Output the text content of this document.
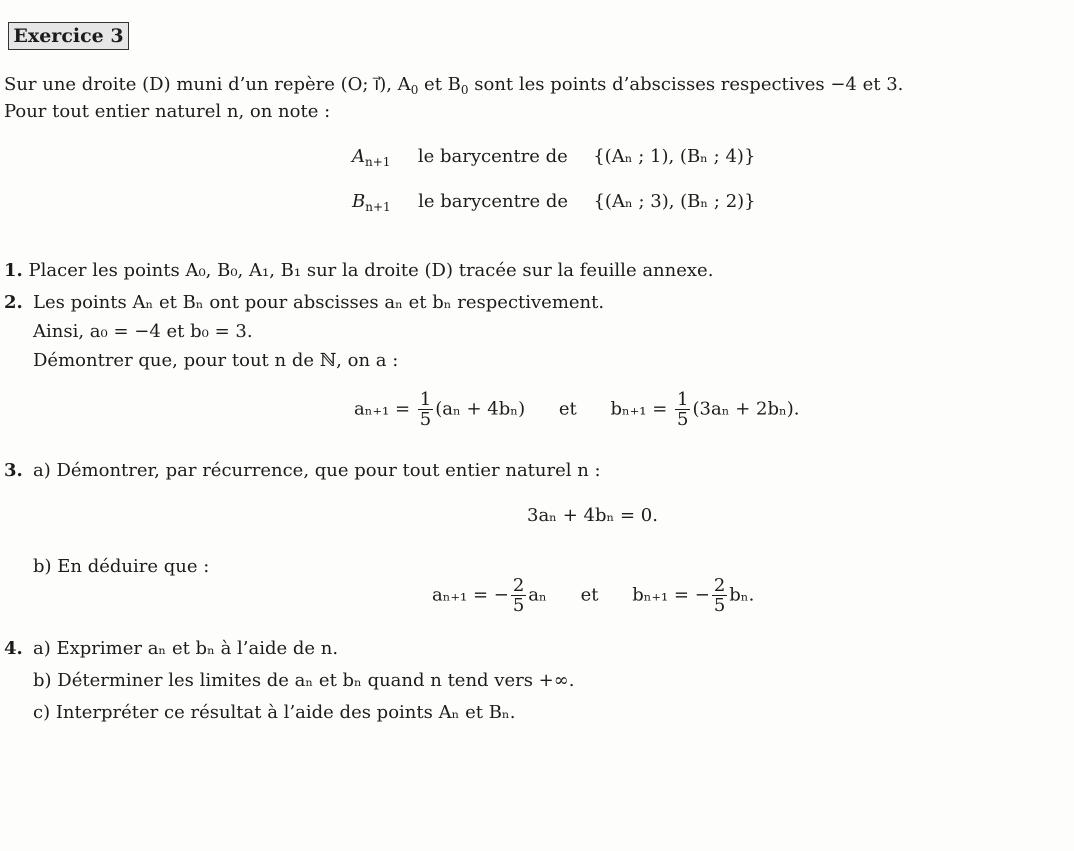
Exercice 3
Sur une droite (D) muni d’un repère (O; i⃗), $A_0$ et $B_0$ sont les points d’abscisses respectives −4 et 3.
Pour tout entier naturel n, on note :
$A_{n+1}$ le barycentre de {(Aₙ ; 1), (Bₙ ; 4)}
$B_{n+1}$ le barycentre de {(Aₙ ; 3), (Bₙ ; 2)}
1. Placer les points A₀, B₀, A₁, B₁ sur la droite (D) tracée sur la feuille annexe.
2. Les points Aₙ et Bₙ ont pour abscisses aₙ et bₙ respectivement.
Ainsi, a₀ = −4 et b₀ = 3.
Démontrer que, pour tout n de ℕ, on a :
$a_{n+1} = \frac{1}{5} (a_n + 4b_n)$ et $b_{n+1} = \frac{1}{5} (3a_n + 2b_n)$.
3. a) Démontrer, par récurrence, que pour tout entier naturel n :
3aₙ + 4bₙ = 0.
b) En déduire que :
aₙ₊₁ = − $\frac{2}{5}$ aₙ et bₙ₊₁ = − $\frac{2}{5} b_n$.
4. a) Exprimer aₙ et bₙ à l’aide de n.
b) Déterminer les limites de aₙ et bₙ quand n tend vers +∞.
c) Interpréter ce résultat à l’aide des points Aₙ et Bₙ.
